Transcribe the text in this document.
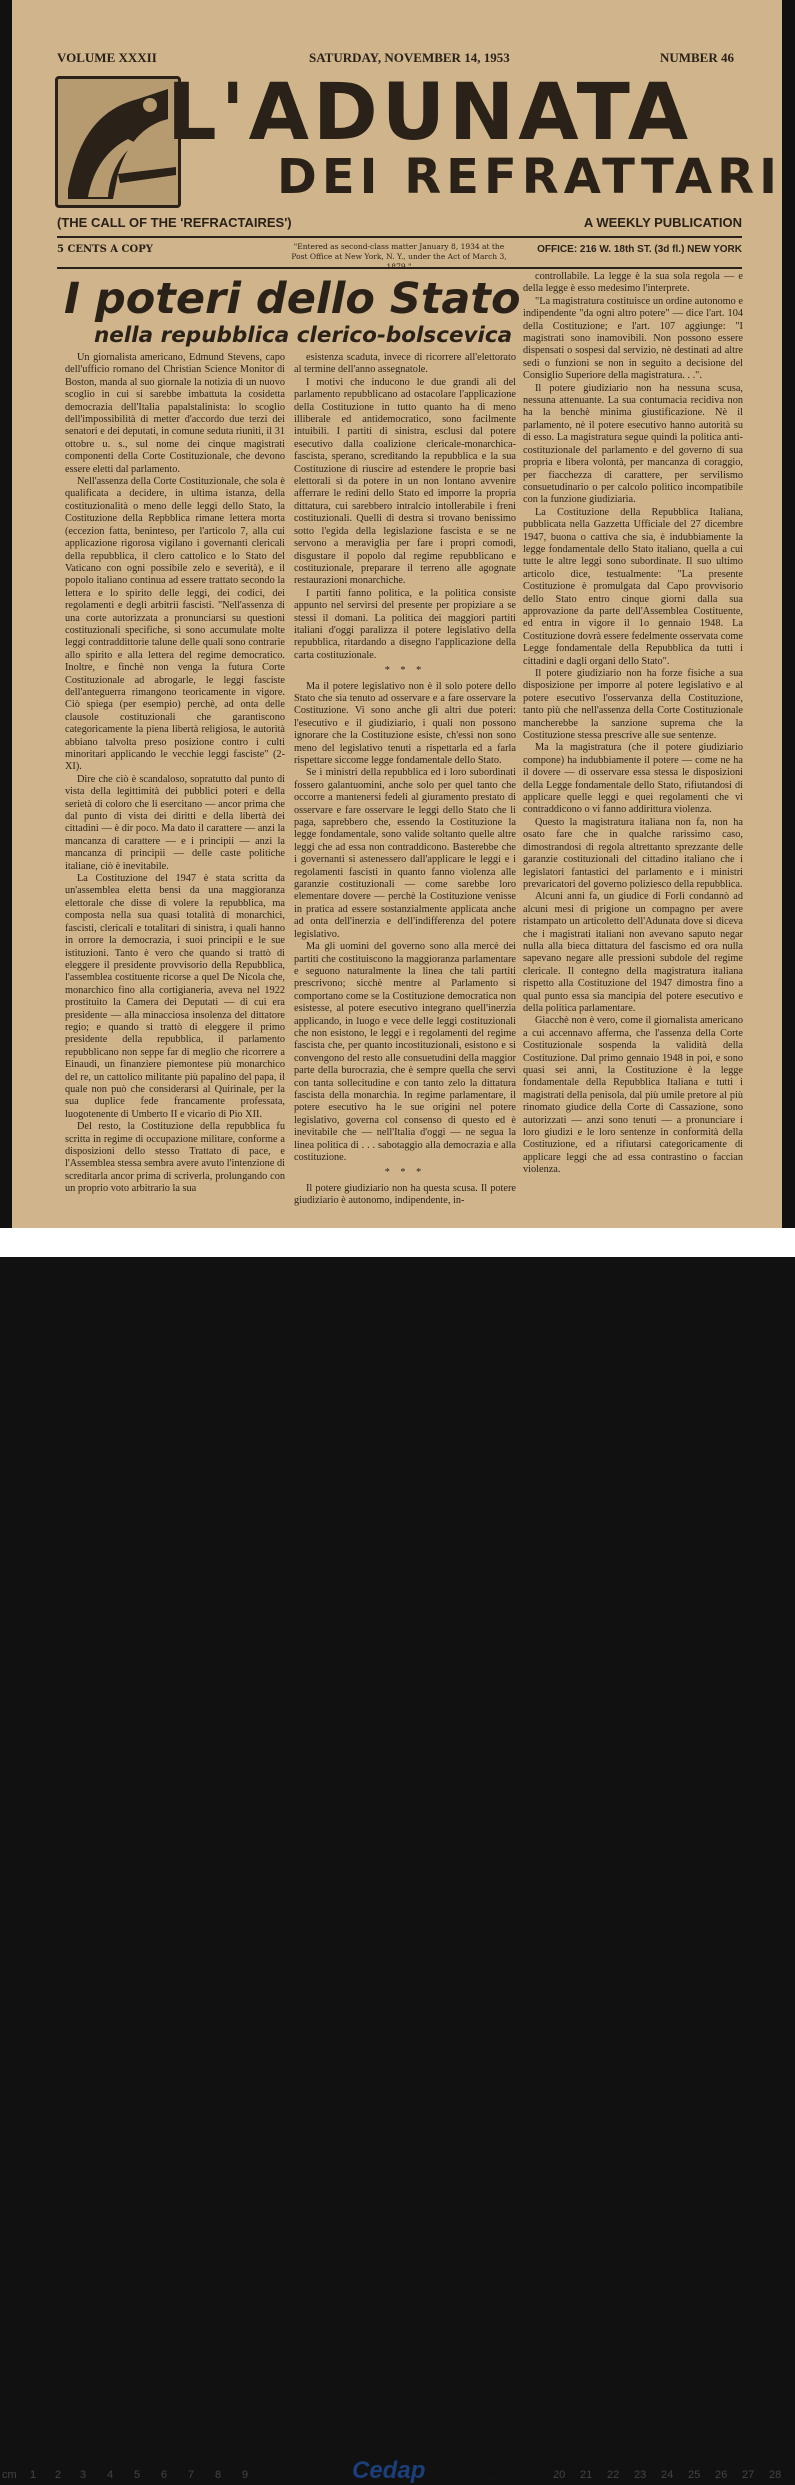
VOLUME XXXII	SATURDAY, NOVEMBER 14, 1953	NUMBER 46
L'ADUNATA
DEI REFRATTARI
(THE CALL OF THE 'REFRACTAIRES')	A WEEKLY PUBLICATION
5 CENTS A COPY	"Entered as second-class matter January 8, 1934 at the Post Office at New York, N. Y., under the Act of March 3,
OFFICE: 216 W. 18th ST. (3d fl.) NEW YORK
I poteri dello Stato
nella repubblica clerico-bolscevica

Un giornalista americano, Edmund Stevens, capo dell'ufficio romano del Christian Science Monitor di Boston, manda al suo giornale la notizia di un nuovo scoglio in cui si sarebbe imbattuta la cosidetta democrazia dell'Italia papalstalinista: lo scoglio dell'impossibilità di metter d'accordo due terzi dei senatori e dei deputati, in comune seduta riuniti, il 31 ottobre u. s., sul nome dei cinque magistrati componenti della Corte Costituzionale, che devono essere eletti dal parlamento.

Nell'assenza della Corte Costituzionale, che sola è qualificata a decidere, in ultima istanza, della costituzionalità o meno delle leggi dello Stato, la Costituzione della Repbblica rimane lettera morta (eccezion fatta, beninteso, per l'articolo 7, alla cui applicazione rigorosa vigilano i governanti clericali della repubblica, il clero cattolico e lo Stato del Vaticano con ogni possibile zelo e severità), e il popolo italiano continua ad essere trattato secondo la lettera e lo spirito delle leggi, dei codici, dei regolamenti e degli arbitrii fascisti. "Nell'assenza di una corte autorizzata a pronunciarsi su questioni costituzionali specifiche, si sono accumulate molte leggi contraddittorie talune delle quali sono contrarie allo spirito e alla lettera del regime democratico. Inoltre, e finchè non venga la futura Corte Costituzionale ad abrogarle, le leggi fasciste dell'anteguerra rimangono teoricamente in vigore. Ciò spiega (per esempio) perchè, ad onta delle clausole costituzionali che garantiscono categoricamente la piena libertà religiosa, le autorità abbiano talvolta preso posizione contro i culti minoritari applicando le vecchie leggi fasciste" (2-XI).

Dire che ciò è scandaloso, sopratutto dal punto di vista della legittimità dei pubblici poteri e della serietà di coloro che li esercitano — ancor prima che dal punto di vista dei diritti e della libertà dei cittadini — è dir poco. Ma dato il carattere — anzi la mancanza di carattere — e i principii — anzi la mancanza di principii — delle caste politiche italiane, ciò è inevitabile.

La Costituzione del 1947 è stata scritta da un'assemblea eletta bensì da una maggioranza elettorale che disse di volere la repubblica, ma composta nella sua quasi totalità di monarchici, fascisti, clericali e totalitari di sinistra, i quali hanno in orrore la democrazia, i suoi principii e le sue istituzioni. Tanto è vero che quando si trattò di eleggere il presidente provvisorio della Repubblica, l'assemblea costituente ricorse a quel De Nicola che, monarchico fino alla cortigianeria, aveva nel 1922 prostituito la Camera dei Deputati — di cui era presidente — alla minacciosa insolenza del dittatore regio; e quando si trattò di eleggere il primo presidente della repubblica, il parlamento repubblicano non seppe far di meglio che ricorrere a Einaudi, un finanziere piemontese più monarchico del re, un cattolico militante più papalino del papa, il quale non può che considerarsi al Quirinale, per la sua duplice fede francamente professata, luogotenente di Umberto II e vicario di Pio XII.

Del resto, la Costituzione della repubblica fu scritta in regime di occupazione militare, conforme a disposizioni dello stesso Trattato di pace, e l'Assemblea stessa sembra avere avuto l'intenzione di screditarla ancor prima di scriverla, prolungando con un proprio voto arbitrario la sua

esistenza scaduta, invece di ricorrere all'elettorato al termine dell'anno assegnatole.

I motivi che inducono le due grandi ali del parlamento repubblicano ad ostacolare l'applicazione della Costituzione in tutto quanto ha di meno illiberale ed antidemocratico, sono facilmente intuibili. I partiti di sinistra, esclusi dal potere esecutivo dalla coalizione clericale-monarchica-fascista, sperano, screditando la repubblica e la sua Costituzione di riuscire ad estendere le proprie basi elettorali sì da potere in un non lontano avvenire afferrare le redini dello Stato ed imporre la propria dittatura, cui sarebbero intralcio intollerabile i freni costituzionali. Quelli di destra si trovano benissimo sotto l'egida della legislazione fascista e se ne servono a meraviglia per fare i propri comodi, disgustare il popolo dal regime repubblicano e costituzionale, preparare il terreno alle agognate restaurazioni monarchiche.

I partiti fanno politica, e la politica consiste appunto nel servirsi del presente per propiziare a se stessi il domani. La politica dei maggiori partiti italiani d'oggi paralizza il potere legislativo della repubblica, ritardando a disegno l'applicazione della carta costituzionale.

* * *

Ma il potere legislativo non è il solo potere dello Stato che sia tenuto ad osservare e a fare osservare la Costituzione. Vi sono anche gli altri due poteri: l'esecutivo e il giudiziario, i quali non possono ignorare che la Costituzione esiste, ch'essi non sono meno del legislativo tenuti a rispettarla ed a farla rispettare siccome legge fondamentale dello Stato.

Se i ministri della repubblica ed i loro subordinati fossero galantuomini, anche solo per quel tanto che occorre a mantenersi fedeli al giuramento prestato di osservare e fare osservare le leggi dello Stato che li paga, saprebbero che, essendo la Costituzione la legge fondamentale, sono valide soltanto quelle altre leggi che ad essa non contraddicono. Basterebbe che i governanti si astenessero dall'applicare le leggi e i regolamenti fascisti in quanto fanno violenza alle garanzie costituzionali — come sarebbe loro elementare dovere — perchè la Costituzione venisse in pratica ad essere sostanzialmente applicata anche ad onta dell'inerzia e dell'indifferenza del potere legislativo.

Ma gli uomini del governo sono alla mercè dei partiti che costituiscono la maggioranza parlamentare e seguono naturalmente la linea che tali partiti prescrivono; sicchè mentre al Parlamento si comportano come se la Costituzione democratica non esistesse, al potere esecutivo integrano quell'inerzia applicando, in luogo e vece delle leggi costituzionali che non esistono, le leggi e i regolamenti del regime fascista che, per quanto incostituzionali, esistono e si convengono del resto alle consuetudini della maggior parte della burocrazia, che è sempre quella che servì con tanta sollecitudine e con tanto zelo la dittatura fascista della monarchia. In regime parlamentare, il potere esecutivo ha le sue origini nel potere legislativo, governa col consenso di questo ed è inevitabile che — nell'Italia d'oggi — ne segua la linea politica di . . . sabotaggio alla democrazia e alla costituzione.

* * *

Il potere giudiziario non ha questa scusa. Il potere giudiziario è autonomo, indipendente, in-

controllabile. La legge è la sua sola regola — e della legge è esso medesimo l'interprete.

"La magistratura costituisce un ordine autonomo e indipendente "da ogni altro potere" — dice l'art. 104 della Costituzione; e l'art. 107 aggiunge: "I magistrati sono inamovibili. Non possono essere dispensati o sospesi dal servizio, nè destinati ad altre sedi o funzioni se non in seguito a decisione del Consiglio Superiore della magistratura. . .".

Il potere giudiziario non ha nessuna scusa, nessuna attenuante. La sua contumacia recidiva non ha la benchè minima giustificazione. Nè il parlamento, nè il potere esecutivo hanno autorità su di esso. La magistratura segue quindi la politica anti-costituzionale del parlamento e del governo di sua propria e libera volontà, per mancanza di coraggio, per fiacchezza di carattere, per servilismo consuetudinario o per calcolo politico incompatibile con la funzione giudiziaria.

La Costituzione della Repubblica Italiana, pubblicata nella Gazzetta Ufficiale del 27 dicembre 1947, buona o cattiva che sia, è indubbiamente la legge fondamentale dello Stato italiano, quella a cui tutte le altre leggi sono subordinate. Il suo ultimo articolo dice, testualmente: "La presente Costituzione è promulgata dal Capo provvisorio dello Stato entro cinque giorni dalla sua approvazione da parte dell'Assemblea Costituente, ed entra in vigore il 1o gennaio 1948. La Costituzione dovrà essere fedelmente osservata come Legge fondamentale della Repubblica da tutti i cittadini e dagli organi dello Stato".

Il potere giudiziario non ha forze fisiche a sua disposizione per imporre al potere legislativo e al potere esecutivo l'osservanza della Costituzione, tanto più che nell'assenza della Corte Costituzionale mancherebbe la sanzione suprema che la Costituzione stessa prescrive alle sue sentenze.

Ma la magistratura (che il potere giudiziario compone) ha indubbiamente il potere — come ne ha il dovere — di osservare essa stessa le disposizioni della Legge fondamentale dello Stato, rifiutandosi di applicare quelle leggi e quei regolamenti che vi contraddicono o vi fanno addirittura violenza.

Questo la magistratura italiana non fa, non ha osato fare che in qualche rarissimo caso, dimostrandosi di regola altrettanto sprezzante delle garanzie costituzionali del cittadino italiano che i legislatori fantastici del parlamento e i ministri prevaricatori del governo poliziesco della repubblica.

Alcuni anni fa, un giudice di Forlì condannò ad alcuni mesi di prigione un compagno per avere ristampato un articoletto dell'Adunata dove si diceva che i magistrati italiani non avevano saputo negar nulla alla bieca dittatura del fascismo ed ora nulla sapevano negare alle pressioni subdole del regime clericale. Il contegno della magistratura italiana rispetto alla Costituzione del 1947 dimostra fino a qual punto essa sia mancipia del potere esecutivo e della politica parlamentare.

Giacchè non è vero, come il giornalista americano a cui accennavo afferma, che l'assenza della Corte Costituzionale sospenda la validità della Costituzione. Dal primo gennaio 1948 in poi, e sono quasi sei anni, la Costituzione è la legge fondamentale della Repubblica Italiana e tutti i magistrati della penisola, dal più umile pretore al più rinomato giudice della Corte di Cassazione, sono autorizzati — anzi sono tenuti — a pronunciare i loro giudizi e le loro sentenze in conformità della Costituzione, ed a rifiutarsi categoricamente di applicare leggi che ad essa contrastino o faccian violenza.

cm 1 2 3 4 5 6 7 8 9	20 21 22 23 24 25 26 27 28
unesp Cedap Centro de Documentação e Apoio à Pesquisa
Faculdade de Ciências e Letras de Assis
